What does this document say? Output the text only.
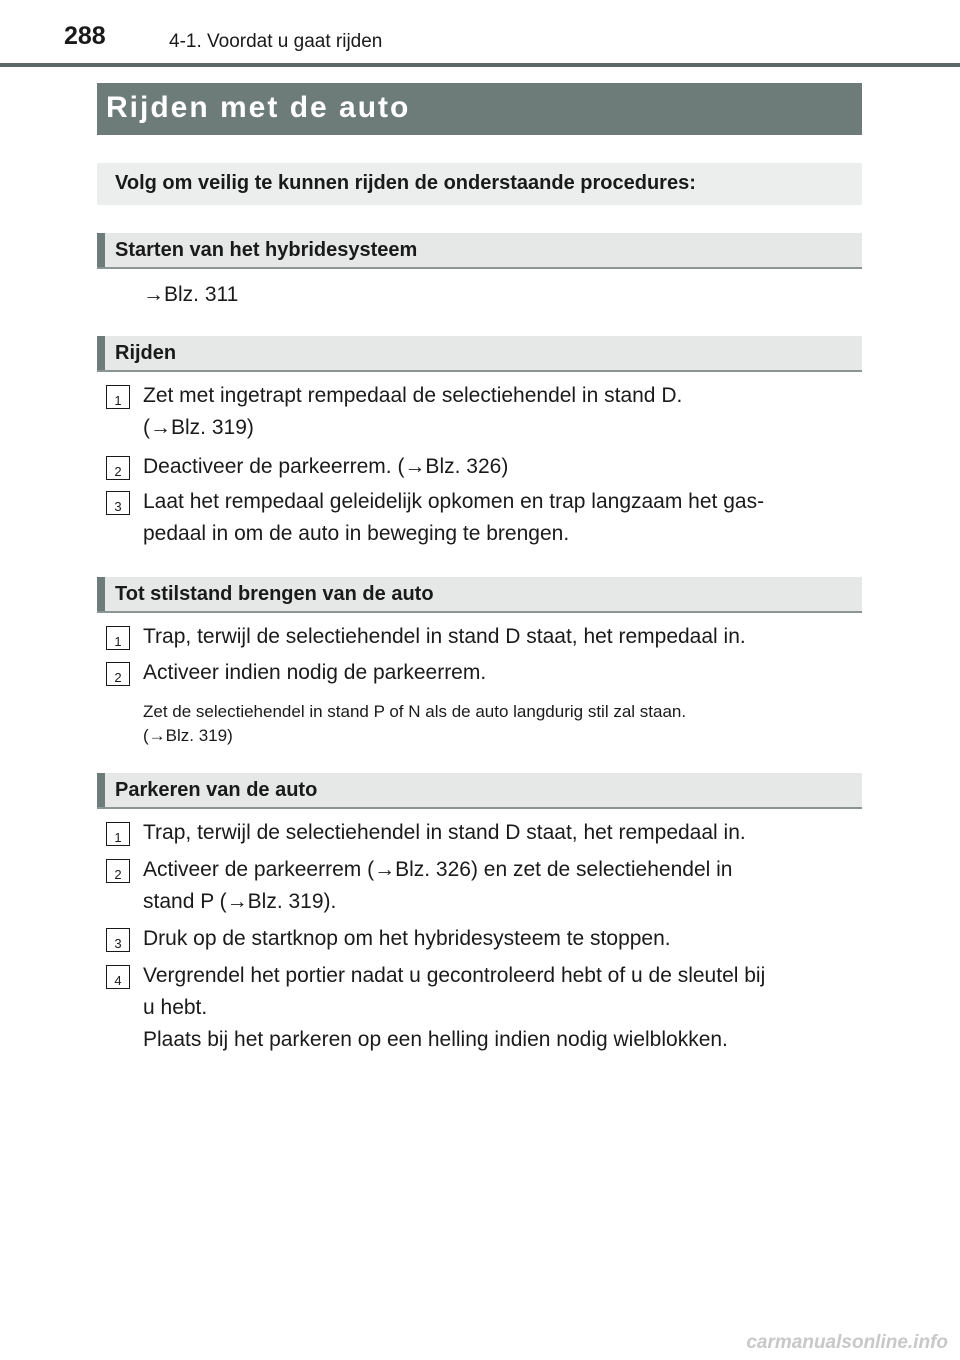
288	4-1. Voordat u gaat rijden
Rijden met de auto
Volg om veilig te kunnen rijden de onderstaande procedures:
Starten van het hybridesysteem
→Blz. 311
Rijden
1	Zet met ingetrapt rempedaal de selectiehendel in stand D.
(→Blz. 319)
2	Deactiveer de parkeerrem. (→Blz. 326)
3	Laat het rempedaal geleidelijk opkomen en trap langzaam het gas-
pedaal in om de auto in beweging te brengen.
Tot stilstand brengen van de auto
1	Trap, terwijl de selectiehendel in stand D staat, het rempedaal in.
2	Activeer indien nodig de parkeerrem.
Zet de selectiehendel in stand P of N als de auto langdurig stil zal staan.
(→Blz. 319)
Parkeren van de auto
1	Trap, terwijl de selectiehendel in stand D staat, het rempedaal in.
2	Activeer de parkeerrem (→Blz. 326) en zet de selectiehendel in
stand P (→Blz. 319).
3	Druk op de startknop om het hybridesysteem te stoppen.
4	Vergrendel het portier nadat u gecontroleerd hebt of u de sleutel bij
u hebt.
Plaats bij het parkeren op een helling indien nodig wielblokken.
carmanualsonline.info
